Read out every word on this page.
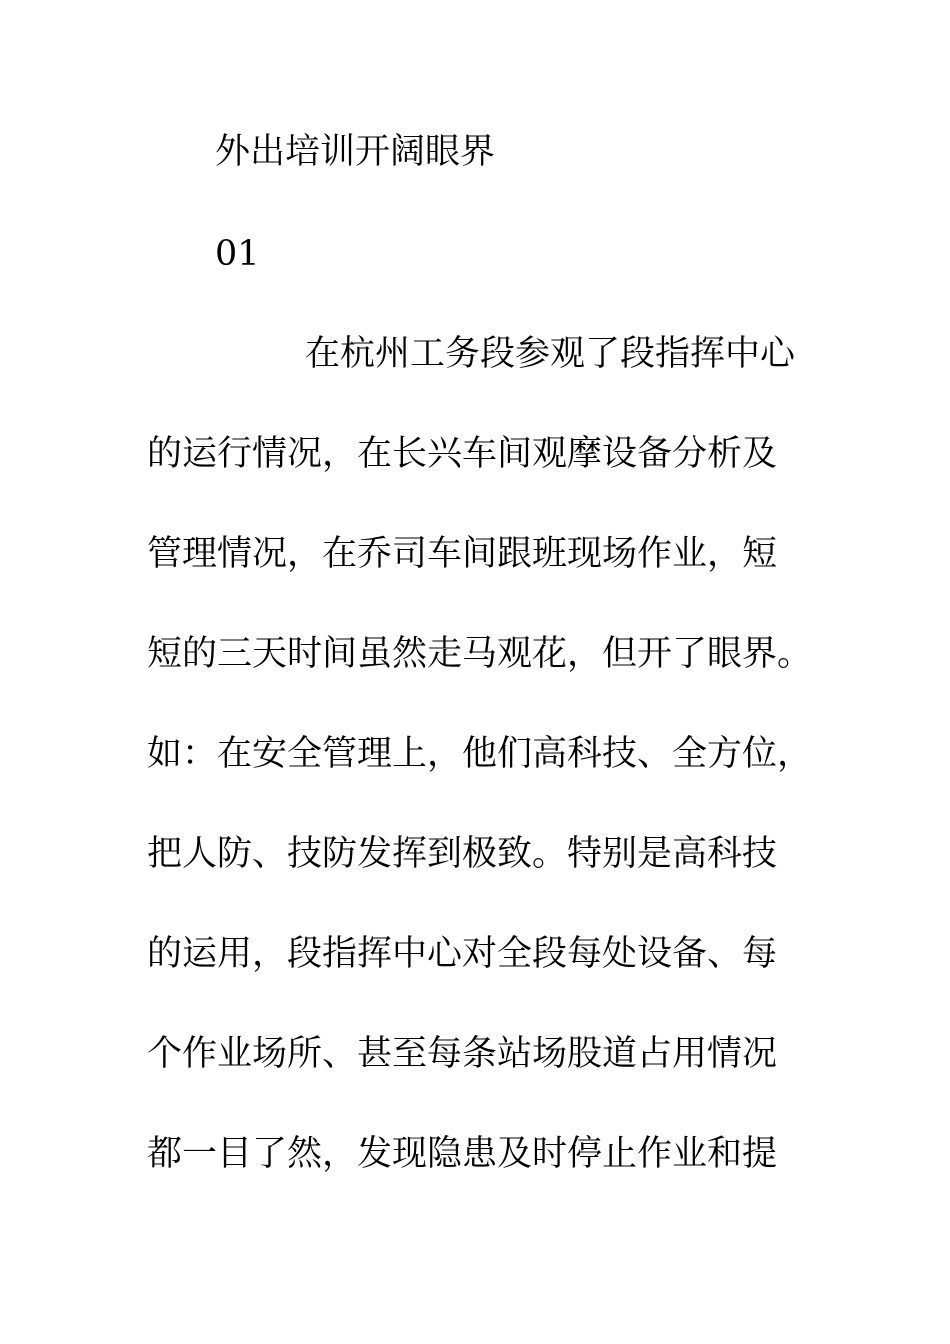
外出培训开阔眼界
01
在杭州工务段参观了段指挥中心
的运行情况，在长兴车间观摩设备分析及
管理情况，在乔司车间跟班现场作业，短
短的三天时间虽然走马观花，但开了眼界。
如：在安全管理上，他们高科技、全方位，
把人防、技防发挥到极致。特别是高科技
的运用，段指挥中心对全段每处设备、每
个作业场所、甚至每条站场股道占用情况
都一目了然，发现隐患及时停止作业和提
